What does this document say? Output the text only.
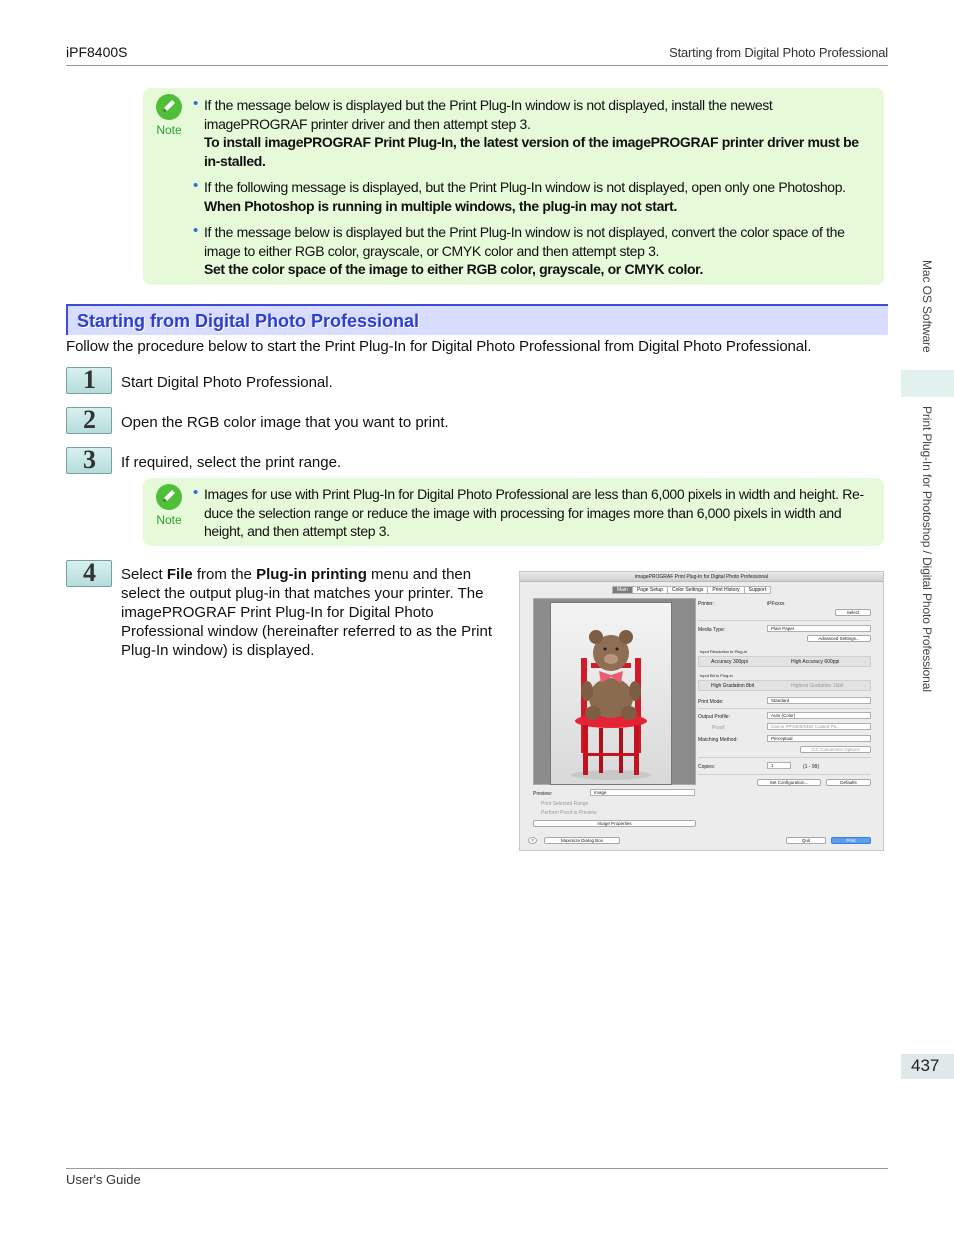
iPF8400S	Starting from Digital Photo Professional
Note
• If the message below is displayed but the Print Plug-In window is not displayed, install the newest imagePROGRAF printer driver and then attempt step 3.
To install imagePROGRAF Print Plug-In, the latest version of the imagePROGRAF printer driver must be in-stalled.
• If the following message is displayed, but the Print Plug-In window is not displayed, open only one Photoshop.
When Photoshop is running in multiple windows, the plug-in may not start.
• If the message below is displayed but the Print Plug-In window is not displayed, convert the color space of the image to either RGB color, grayscale, or CMYK color and then attempt step 3.
Set the color space of the image to either RGB color, grayscale, or CMYK color.
Starting from Digital Photo Professional
Follow the procedure below to start the Print Plug-In for Digital Photo Professional from Digital Photo Professional.
1 Start Digital Photo Professional.
2 Open the RGB color image that you want to print.
3 If required, select the print range.
Note
• Images for use with Print Plug-In for Digital Photo Professional are less than 6,000 pixels in width and height. Re-duce the selection range or reduce the image with processing for images more than 6,000 pixels in width and height, and then attempt step 3.
4 Select File from the Plug-in printing menu and then select the output plug-in that matches your printer. The imagePROGRAF Print Plug-In for Digital Photo Professional window (hereinafter referred to as the Print Plug-In window) is displayed.
imagePROGRAF Print Plug-In for Digital Photo Professional
Main	Page Setup	Color Settings	Print History	Support
Printer:	iPFxxxx
Select
Media Type:	Plain Paper
Advanced Settings...
Input Resolution to Plug-in
Accuracy 300ppi	High Accuracy 600ppi
Input Bit to Plug-in
High Gradation 8bit	Highest Gradation 16bit
Print Mode:	Standard
Output Profile:	Auto (Color)
Proof:	Canon iPF6400/6450 Coated Pa...
Matching Method:	Perceptual
ICC Conversion Options
Copies:	1	(1 - 99)
Set Configuration...	Defaults
Preview:	Image
Print Selected Range
Perform Proof in Preview
Image Properties
?	Maximize Dialog Box	Quit	Print
Mac OS Software
Print Plug-In for Photoshop / Digital Photo Professional
437
User's Guide
